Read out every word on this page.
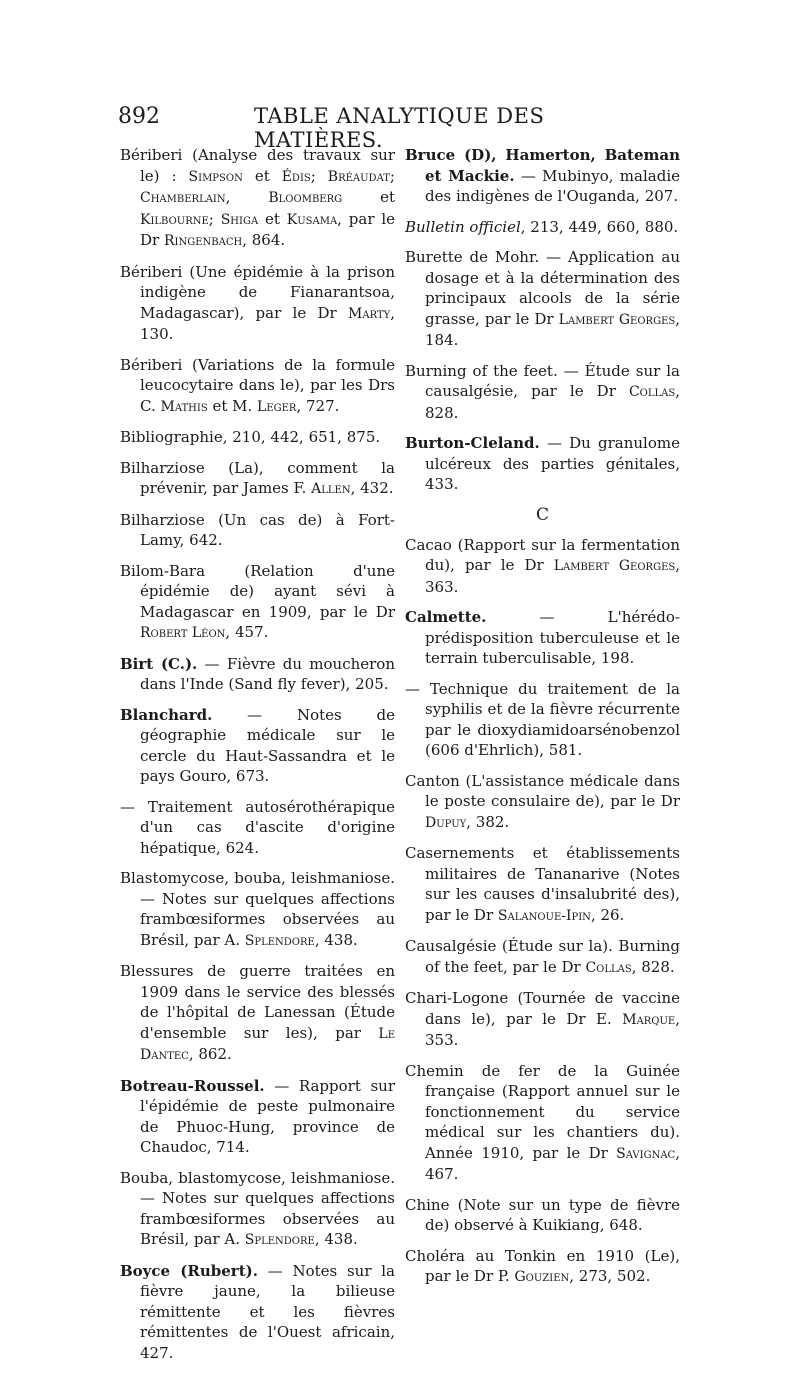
892	TABLE ANALYTIQUE DES MATIÈRES.

Bériberi (Analyse des travaux sur le) : Simpson et Édis; Bréaudat; Chamberlain, Bloomberg et Kilbourne; Shiga et Kusama, par le Dr Ringenbach, 864.

Bériberi (Une épidémie à la prison indigène de Fianarantsoa, Madagascar), par le Dr Marty, 130.

Bériberi (Variations de la formule leucocytaire dans le), par les Drs C. Mathis et M. Leger, 727.

Bibliographie, 210, 442, 651, 875.

Bilharziose (La), comment la prévenir, par James F. Allen, 432.

Bilharziose (Un cas de) à Fort-Lamy, 642.

Bilom-Bara (Relation d'une épidémie de) ayant sévi à Madagascar en 1909, par le Dr Robert Léon, 457.

Birt (C.). — Fièvre du moucheron dans l'Inde (Sand fly fever), 205.

Blanchard. — Notes de géographie médicale sur le cercle du Haut-Sassandra et le pays Gouro, 673.

— Traitement autosérothérapique d'un cas d'ascite d'origine hépatique, 624.

Blastomycose, bouba, leishmaniose. — Notes sur quelques affections frambœsiformes observées au Brésil, par A. Splendore, 438.

Blessures de guerre traitées en 1909 dans le service des blessés de l'hôpital de Lanessan (Étude d'ensemble sur les), par Le Dantec, 862.

Botreau-Roussel. — Rapport sur l'épidémie de peste pulmonaire de Phuoc-Hung, province de Chaudoc, 714.

Bouba, blastomycose, leishmaniose. — Notes sur quelques affections frambœsiformes observées au Brésil, par A. Splendore, 438.

Boyce (Rubert). — Notes sur la fièvre jaune, la bilieuse rémittente et les fièvres rémittentes de l'Ouest africain, 427.

Bruce (D), Hamerton, Bateman et Mackie. — Mubinyo, maladie des indigènes de l'Ouganda, 207.

Bulletin officiel, 213, 449, 660, 880.

Burette de Mohr. — Application au dosage et à la détermination des principaux alcools de la série grasse, par le Dr Lambert Georges, 184.

Burning of the feet. — Étude sur la causalgésie, par le Dr Collas, 828.

Burton-Cleland. — Du granulome ulcéreux des parties génitales, 433.

C

Cacao (Rapport sur la fermentation du), par le Dr Lambert Georges, 363.

Calmette. — L'hérédo-prédisposition tuberculeuse et le terrain tuberculisable, 198.

— Technique du traitement de la syphilis et de la fièvre récurrente par le dioxydiamidoarsénobenzol (606 d'Ehrlich), 581.

Canton (L'assistance médicale dans le poste consulaire de), par le Dr Dupuy, 382.

Casernements et établissements militaires de Tananarive (Notes sur les causes d'insalubrité des), par le Dr Salanoue-Ipin, 26.

Causalgésie (Étude sur la). Burning of the feet, par le Dr Collas, 828.

Chari-Logone (Tournée de vaccine dans le), par le Dr E. Marque, 353.

Chemin de fer de la Guinée française (Rapport annuel sur le fonctionnement du service médical sur les chantiers du). Année 1910, par le Dr Savignac, 467.

Chine (Note sur un type de fièvre de) observé à Kuikiang, 648.

Choléra au Tonkin en 1910 (Le), par le Dr P. Gouzien, 273, 502.
